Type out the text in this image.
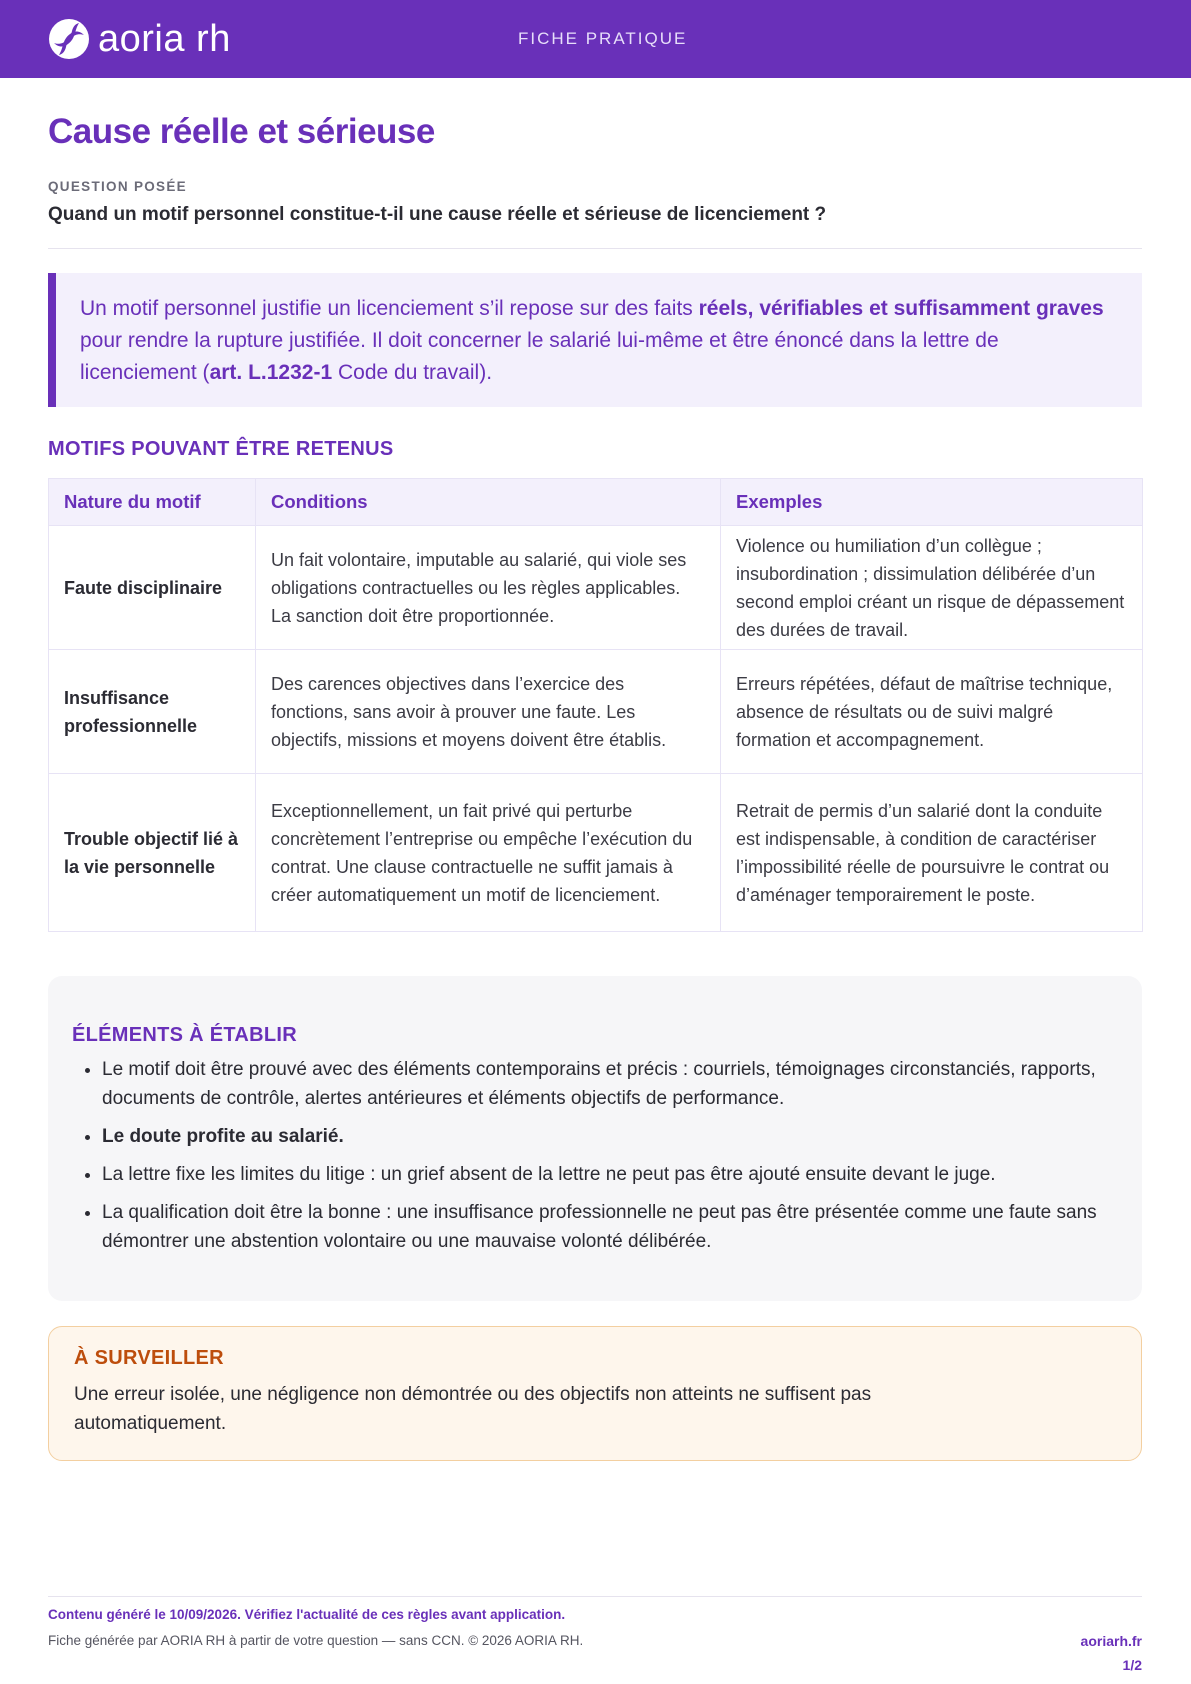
aoria rh	FICHE PRATIQUE
Cause réelle et sérieuse
QUESTION POSÉE
Quand un motif personnel constitue-t-il une cause réelle et sérieuse de licenciement ?
Un motif personnel justifie un licenciement s’il repose sur des faits réels, vérifiables et suffisamment graves pour rendre la rupture justifiée. Il doit concerner le salarié lui-même et être énoncé dans la lettre de licenciement (art. L.1232-1 Code du travail).
MOTIFS POUVANT ÊTRE RETENUS
Nature du motif	Conditions	Exemples
Faute disciplinaire	Un fait volontaire, imputable au salarié, qui viole ses obligations contractuelles ou les règles applicables. La sanction doit être proportionnée.	Violence ou humiliation d’un collègue ; insubordination ; dissimulation délibérée d’un second emploi créant un risque de dépassement des durées de travail.
Insuffisance professionnelle	Des carences objectives dans l’exercice des fonctions, sans avoir à prouver une faute. Les objectifs, missions et moyens doivent être établis.	Erreurs répétées, défaut de maîtrise technique, absence de résultats ou de suivi malgré formation et accompagnement.
Trouble objectif lié à la vie personnelle	Exceptionnellement, un fait privé qui perturbe concrètement l’entreprise ou empêche l’exécution du contrat. Une clause contractuelle ne suffit jamais à créer automatiquement un motif de licenciement.	Retrait de permis d’un salarié dont la conduite est indispensable, à condition de caractériser l’impossibilité réelle de poursuivre le contrat ou d’aménager temporairement le poste.
ÉLÉMENTS À ÉTABLIR
• Le motif doit être prouvé avec des éléments contemporains et précis : courriels, témoignages circonstanciés, rapports, documents de contrôle, alertes antérieures et éléments objectifs de performance.
• Le doute profite au salarié.
• La lettre fixe les limites du litige : un grief absent de la lettre ne peut pas être ajouté ensuite devant le juge.
• La qualification doit être la bonne : une insuffisance professionnelle ne peut pas être présentée comme une faute sans démontrer une abstention volontaire ou une mauvaise volonté délibérée.
À SURVEILLER

Une erreur isolée, une négligence non démontrée ou des objectifs non atteints ne suffisent pas automatiquement.

Contenu généré le 10/09/2026. Vérifiez l'actualité de ces règles avant application.
Fiche générée par AORIA RH à partir de votre question — sans CCN. © 2026 AORIA RH.	aoriarh.fr
1/2
